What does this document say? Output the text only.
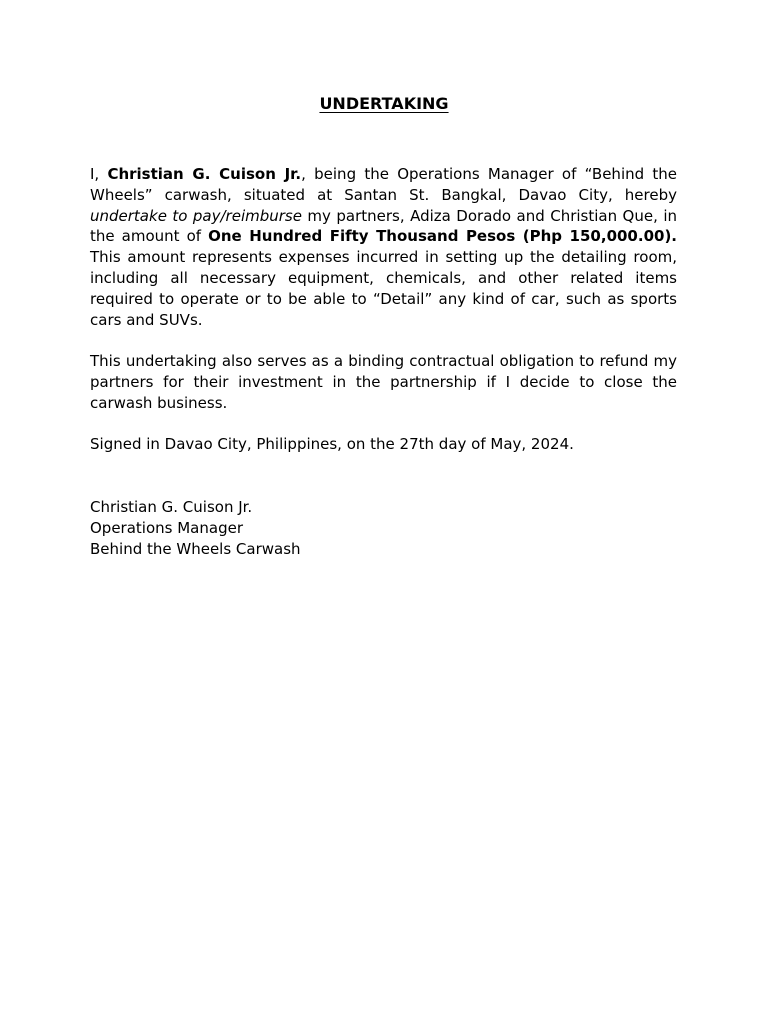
UNDERTAKING

I, Christian G. Cuison Jr., being the Operations Manager of “Behind the Wheels” carwash, situated at Santan St. Bangkal, Davao City, hereby undertake to pay/reimburse my partners, Adiza Dorado and Christian Que, in the amount of One Hundred Fifty Thousand Pesos (Php 150,000.00). This amount represents expenses incurred in setting up the detailing room, including all necessary equipment, chemicals, and other related items required to operate or to be able to “Detail” any kind of car, such as sports cars and SUVs.

This undertaking also serves as a binding contractual obligation to refund my partners for their investment in the partnership if I decide to close the carwash business.

Signed in Davao City, Philippines, on the 27th day of May, 2024.

Christian G. Cuison Jr.
Operations Manager
Behind the Wheels Carwash
